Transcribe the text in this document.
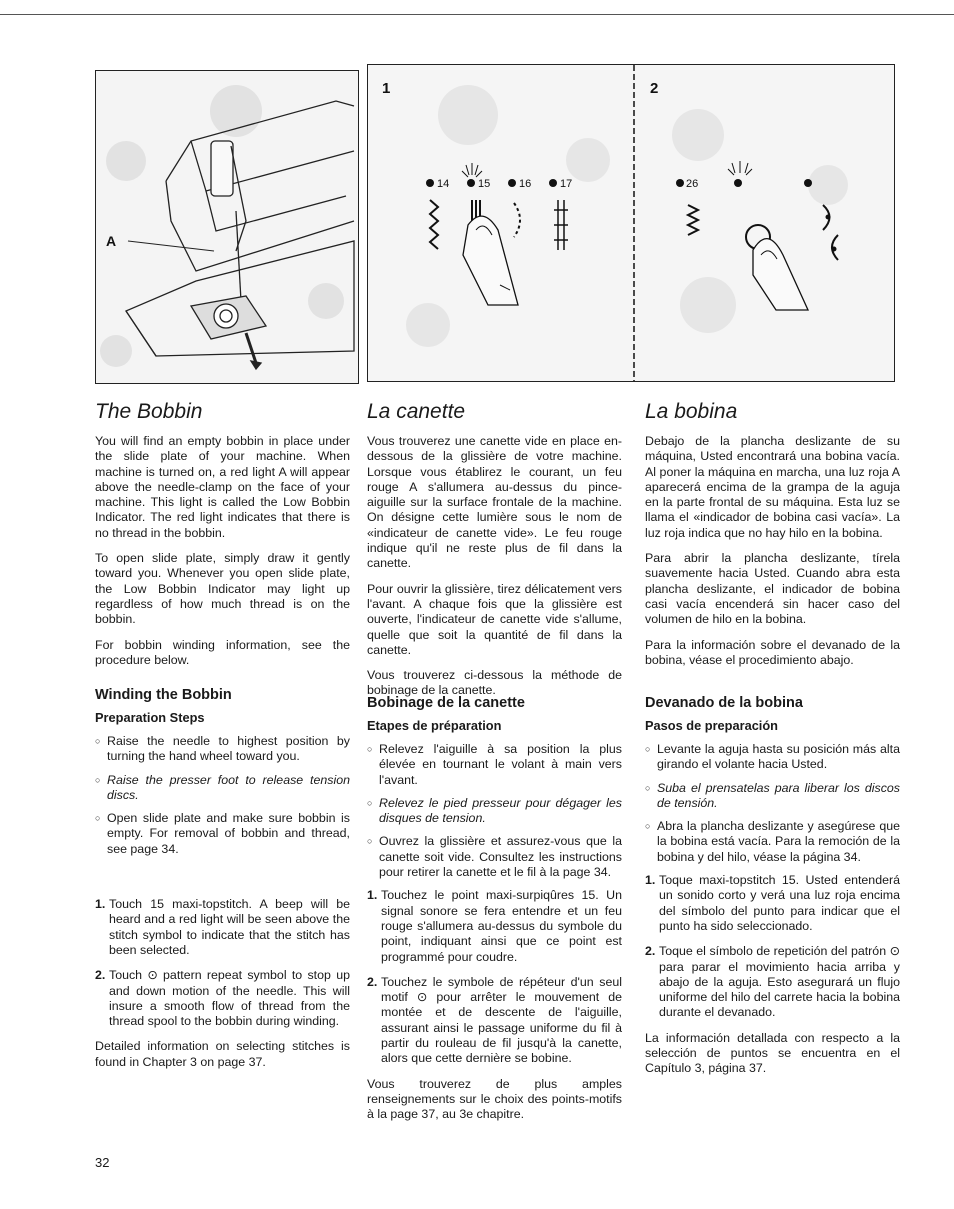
A
14	15	16	17
1	2
26
The Bobbin

You will find an empty bobbin in place under the slide plate of your machine. When machine is turned on, a red light A will appear above the needle-clamp on the face of your machine. This light is called the Low Bobbin Indicator. The red light indicates that there is no thread in the bobbin.

To open slide plate, simply draw it gently toward you. Whenever you open slide plate, the Low Bobbin Indicator may light up regardless of how much thread is on the bobbin.

For bobbin winding information, see the procedure below.

Winding the Bobbin
Preparation Steps
○ Raise the needle to highest position by turning the hand wheel toward you.
○ Raise the presser foot to release tension discs.
○ Open slide plate and make sure bobbin is empty. For removal of bobbin and thread, see page 34.
1. Touch 15 maxi-topstitch. A beep will be heard and a red light will be seen above the stitch symbol to indicate that the stitch has been selected.
2. Touch ⊙ pattern repeat symbol to stop up and down motion of the needle. This will insure a smooth flow of thread from the thread spool to the bobbin during winding.

Detailed information on selecting stitches is found in Chapter 3 on page 37.

La canette

Vous trouverez une canette vide en place en-dessous de la glissière de votre machine. Lorsque vous établirez le courant, un feu rouge A s'allumera au-dessus du pince-aiguille sur la surface frontale de la machine. On désigne cette lumière sous le nom de «indicateur de canette vide». Le feu rouge indique qu'il ne reste plus de fil dans la canette.

Pour ouvrir la glissière, tirez délicatement vers l'avant. A chaque fois que la glissière est ouverte, l'indicateur de canette vide s'allume, quelle que soit la quantité de fil dans la canette.

Vous trouverez ci-dessous la méthode de bobinage de la canette.

Bobinage de la canette
Etapes de préparation
○ Relevez l'aiguille à sa position la plus élevée en tournant le volant à main vers l'avant.
○ Relevez le pied presseur pour dégager les disques de tension.
○ Ouvrez la glissière et assurez-vous que la canette soit vide. Consultez les instructions pour retirer la canette et le fil à la page 34.
1. Touchez le point maxi-surpiqûres 15. Un signal sonore se fera entendre et un feu rouge s'allumera au-dessus du symbole du point, indiquant ainsi que ce point est programmé pour coudre.
2. Touchez le symbole de répéteur d'un seul motif ⊙ pour arrêter le mouvement de montée et de descente de l'aiguille, assurant ainsi le passage uniforme du fil à partir du rouleau de fil jusqu'à la canette, alors que cette dernière se bobine.

Vous trouverez de plus amples renseignements sur le choix des points-motifs à la page 37, au 3e chapitre.

La bobina

Debajo de la plancha deslizante de su máquina, Usted encontrará una bobina vacía. Al poner la máquina en marcha, una luz roja A aparecerá encima de la grampa de la aguja en la parte frontal de su máquina. Esta luz se llama el «indicador de bobina casi vacía». La luz roja indica que no hay hilo en la bobina.

Para abrir la plancha deslizante, tírela suavemente hacia Usted. Cuando abra esta plancha deslizante, el indicador de bobina casi vacía encenderá sin hacer caso del volumen de hilo en la bobina.

Para la información sobre el devanado de la bobina, véase el procedimiento abajo.

Devanado de la bobina
Pasos de preparación
○ Levante la aguja hasta su posición más alta girando el volante hacia Usted.
○ Suba el prensatelas para liberar los discos de tensión.
○ Abra la plancha deslizante y asegúrese que la bobina está vacía. Para la remoción de la bobina y del hilo, véase la página 34.
1. Toque maxi-topstitch 15. Usted entenderá un sonido corto y verá una luz roja encima del símbolo del punto para indicar que el punto ha sido seleccionado.
2. Toque el símbolo de repetición del patrón ⊙ para parar el movimiento hacia arriba y abajo de la aguja. Esto asegurará un flujo uniforme del hilo del carrete hacia la bobina durante el devanado.

La información detallada con respecto a la selección de puntos se encuentra en el Capítulo 3, página 37.

32
